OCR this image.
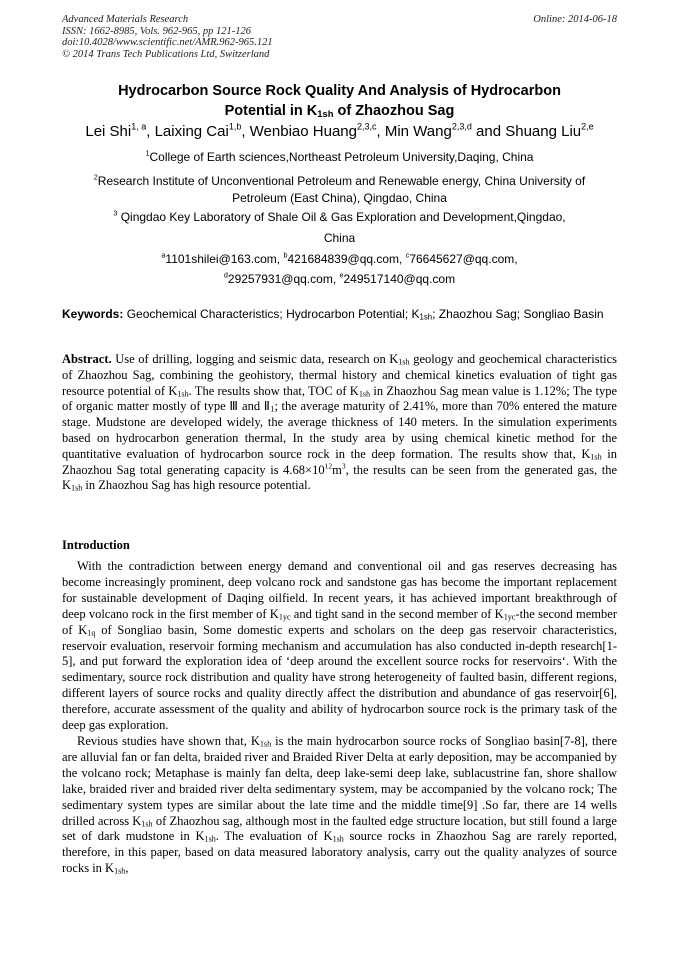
Advanced Materials Research
ISSN: 1662-8985, Vols. 962-965, pp 121-126
doi:10.4028/www.scientific.net/AMR.962-965.121
© 2014 Trans Tech Publications Ltd, Switzerland
Online: 2014-06-18
Hydrocarbon Source Rock Quality And Analysis of Hydrocarbon
Potential in $K_{1sh}$ of Zhaozhou Sag
Lei Shi$^{1, a}$, Laixing Cai$^{1,b}$, Wenbiao Huang$^{2,3,c}$, Min Wang$^{2,3,d}$ and Shuang Liu$^{2,e}$
$^1$College of Earth sciences,Northeast Petroleum University,Daqing, China
$^2$Research Institute of Unconventional Petroleum and Renewable energy, China University of Petroleum (East China), Qingdao, China
$^3$ Qingdao Key Laboratory of Shale Oil & Gas Exploration and Development,Qingdao,
China
$^a$1101shilei@163.com, $^b$421684839@qq.com, $^c$76645627@qq.com,
$^d$29257931@qq.com, $^e$249517140@qq.com
Keywords: Geochemical Characteristics; Hydrocarbon Potential; $K_{1sh}$; Zhaozhou Sag; Songliao Basin
Abstract. Use of drilling, logging and seismic data, research on $K_{1sh}$ geology and geochemical characteristics of Zhaozhou Sag, combining the geohistory, thermal history and chemical kinetics evaluation of tight gas resource potential of $K_{1sh}$. The results show that, TOC of $K_{1sh}$ in Zhaozhou Sag mean value is 1.12%; The type of organic matter mostly of type Ⅲ and $Ⅱ_1$; the average maturity of 2.41%, more than 70% entered the mature stage. Mudstone are developed widely, the average thickness of 140 meters. In the simulation experiments based on hydrocarbon generation thermal, In the study area by using chemical kinetic method for the quantitative evaluation of hydrocarbon source rock in the deep formation. The results show that, $K_{1sh}$ in Zhaozhou Sag total generating capacity is $4.68\times 10^{12}m^3$, the results can be seen from the generated gas, the $K_{1sh}$ in Zhaozhou Sag has high resource potential.
Introduction
With the contradiction between energy demand and conventional oil and gas reserves decreasing has become increasingly prominent, deep volcano rock and sandstone gas has become the important replacement for sustainable development of Daqing oilfield. In recent years, it has achieved important breakthrough of deep volcano rock in the first member of $K_{1yc}$ and tight sand in the second member of $K_{1yc}$-the second member of $K_{1q}$ of Songliao basin, Some domestic experts and scholars on the deep gas reservoir characteristics, reservoir evaluation, reservoir forming mechanism and accumulation has also conducted in-depth research[1-5], and put forward the exploration idea of ‘deep around the excellent source rocks for reservoirs‘. With the sedimentary, source rock distribution and quality have strong heterogeneity of faulted basin, different regions, different layers of source rocks and quality directly affect the distribution and abundance of gas reservoir[6], therefore, accurate assessment of the quality and ability of hydrocarbon source rock is the primary task of the deep gas exploration.
Revious studies have shown that, $K_{1sh}$ is the main hydrocarbon source rocks of Songliao basin[7-8], there are alluvial fan or fan delta, braided river and Braided River Delta at early deposition, may be accompanied by the volcano rock; Metaphase is mainly fan delta, deep lake-semi deep lake, sublacustrine fan, shore shallow lake, braided river and braided river delta sedimentary system, may be accompanied by the volcano rock; The sedimentary system types are similar about the late time and the middle time[9] .So far, there are 14 wells drilled across $K_{1sh}$ of Zhaozhou sag, although most in the faulted edge structure location, but still found a large set of dark mudstone in $K_{1sh}$. The evaluation of $K_{1sh}$ source rocks in Zhaozhou Sag are rarely reported, therefore, in this paper, based on data measured laboratory analysis, carry out the quality analyzes of source rocks in $K_{1sh}$,
